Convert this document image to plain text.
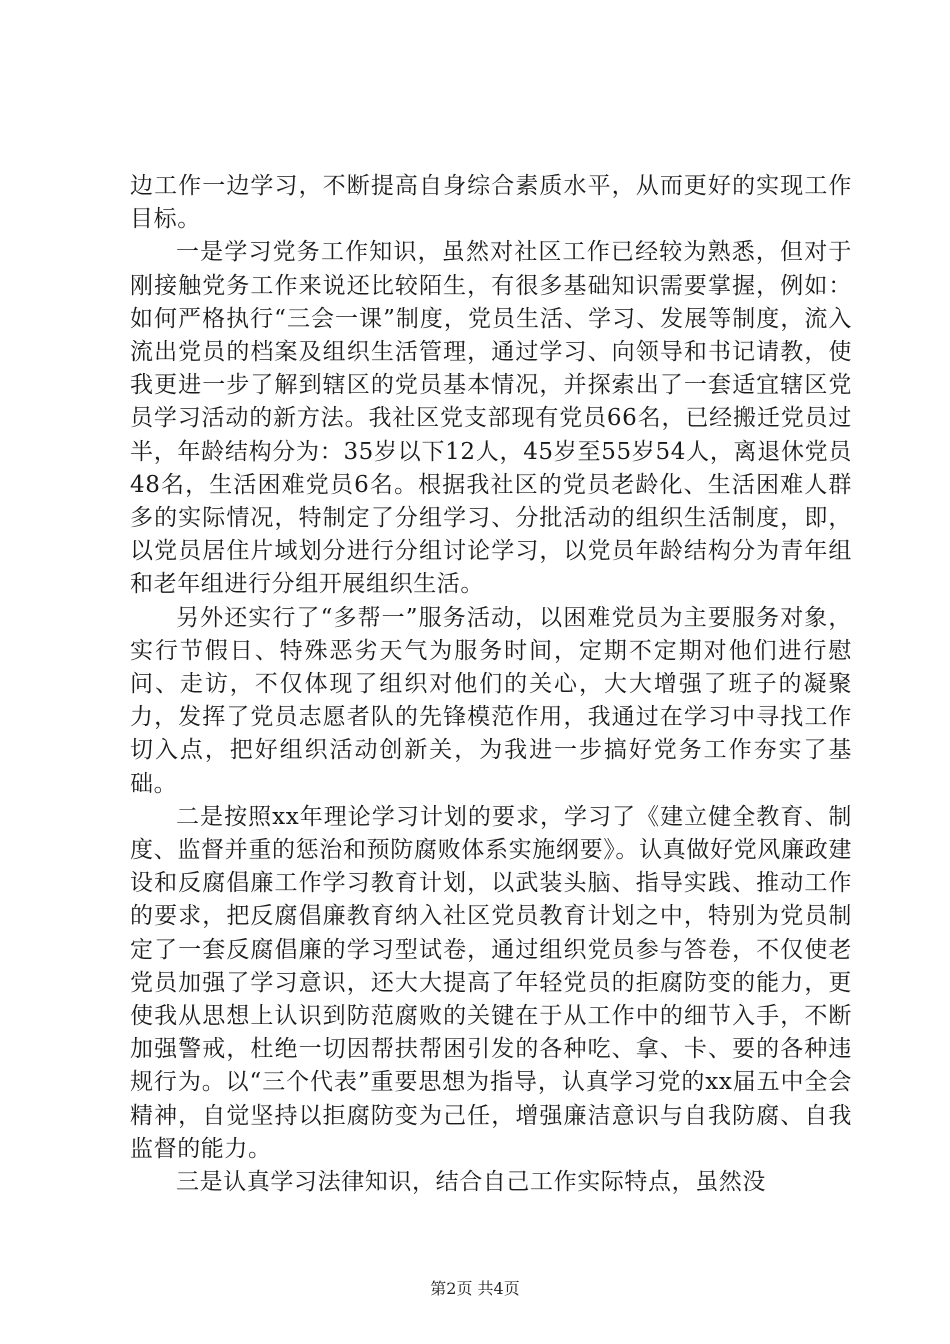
边工作一边学习，不断提高自身综合素质水平，从而更好的实现工作目标。

一是学习党务工作知识，虽然对社区工作已经较为熟悉，但对于刚接触党务工作来说还比较陌生，有很多基础知识需要掌握，例如：如何严格执行“三会一课”制度，党员生活、学习、发展等制度，流入流出党员的档案及组织生活管理，通过学习、向领导和书记请教，使我更进一步了解到辖区的党员基本情况，并探索出了一套适宜辖区党员学习活动的新方法。我社区党支部现有党员66名，已经搬迁党员过半，年龄结构分为：35岁以下12人，45岁至55岁54人，离退休党员48名，生活困难党员6名。根据我社区的党员老龄化、生活困难人群多的实际情况，特制定了分组学习、分批活动的组织生活制度，即，以党员居住片域划分进行分组讨论学习，以党员年龄结构分为青年组和老年组进行分组开展组织生活。

另外还实行了“多帮一”服务活动，以困难党员为主要服务对象，实行节假日、特殊恶劣天气为服务时间，定期不定期对他们进行慰问、走访，不仅体现了组织对他们的关心，大大增强了班子的凝聚力，发挥了党员志愿者队的先锋模范作用，我通过在学习中寻找工作切入点，把好组织活动创新关，为我进一步搞好党务工作夯实了基础。

二是按照xx年理论学习计划的要求，学习了《建立健全教育、制度、监督并重的惩治和预防腐败体系实施纲要》。认真做好党风廉政建设和反腐倡廉工作学习教育计划，以武装头脑、指导实践、推动工作的要求，把反腐倡廉教育纳入社区党员教育计划之中，特别为党员制定了一套反腐倡廉的学习型试卷，通过组织党员参与答卷，不仅使老党员加强了学习意识，还大大提高了年轻党员的拒腐防变的能力，更使我从思想上认识到防范腐败的关键在于从工作中的细节入手，不断加强警戒，杜绝一切因帮扶帮困引发的各种吃、拿、卡、要的各种违规行为。以“三个代表”重要思想为指导，认真学习党的xx届五中全会精神，自觉坚持以拒腐防变为己任，增强廉洁意识与自我防腐、自我监督的能力。

三是认真学习法律知识，结合自己工作实际特点，虽然没

第2页 共4页
